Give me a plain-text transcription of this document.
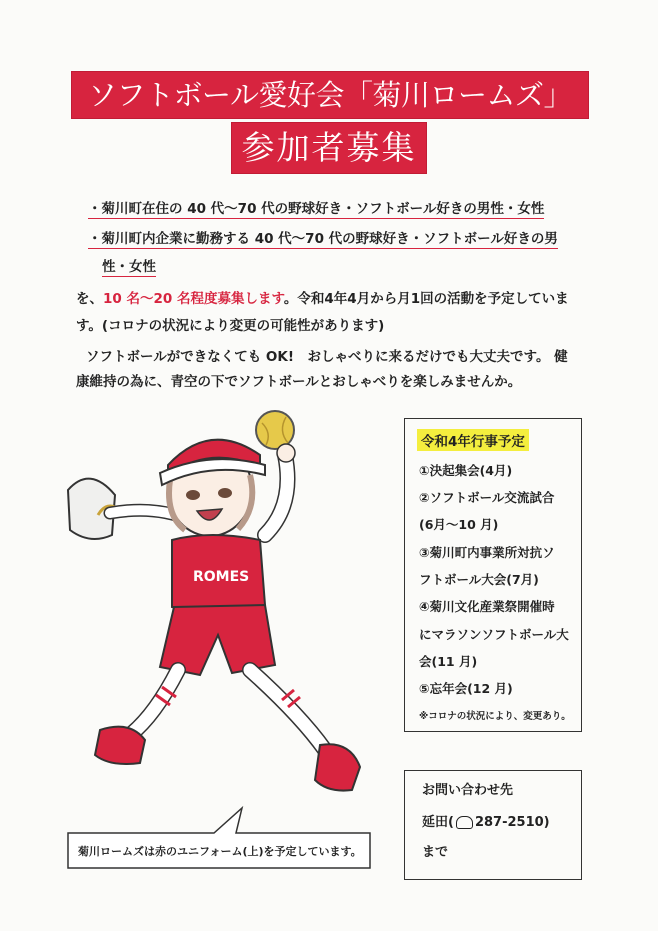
ソフトボール愛好会「菊川ロームズ」
参加者募集
・菊川町在住の 40 代〜70 代の野球好き・ソフトボール好きの男性・女性
・菊川町内企業に勤務する 40 代〜70 代の野球好き・ソフトボール好きの男
性・女性
を、10 名〜20 名程度募集します。令和4年4月から月1回の活動を予定していま
す。(コロナの状況により変更の可能性があります)
ソフトボールができなくても OK!　おしゃべりに来るだけでも大丈夫です。 健
康維持の為に、青空の下でソフトボールとおしゃべりを楽しみませんか。
ROMES
令和4年行事予定
①決起集会(4月)
②ソフトボール交流試合
(6月〜10 月)
③菊川町内事業所対抗ソ
フトボール大会(7月)
④菊川文化産業祭開催時
にマラソンソフトボール大
会(11 月)
⑤忘年会(12 月)
※コロナの状況により、変更あり。
お問い合わせ先
延田( 287-2510)
まで
菊川ロームズは赤のユニフォーム(上)を予定しています。
